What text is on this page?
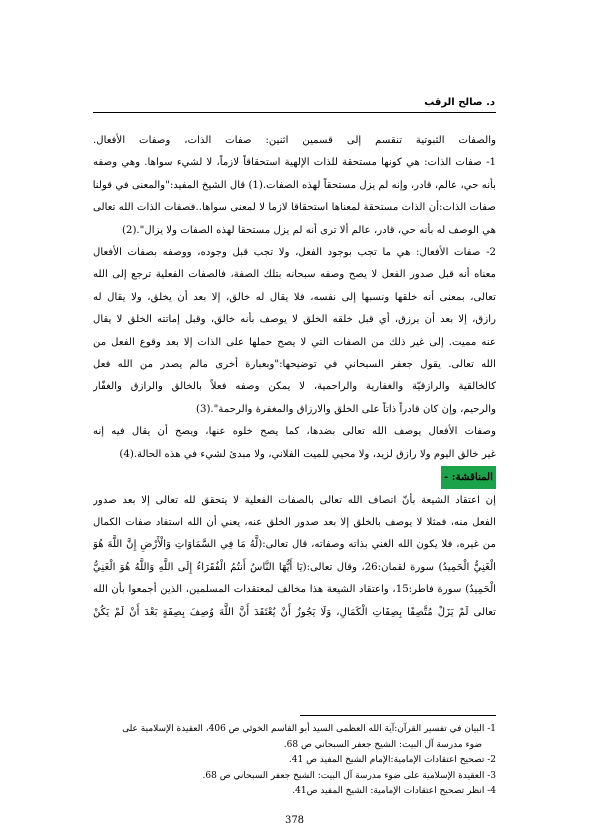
د. صالح الرقب
والصفات الثبوتية تنقسم إلى قسمين اثنين: صفات الذات، وصفات الأفعال.
1- صفات الذات: هي كونها مستحقة للذات الإلهية استحقاقاً لازماً، لا لشيء سواها. وهي وصفه
بأنه حي، عالم، قادر، وإنه لم يزل مستحقاً لهذه الصفات.(1) قال الشيخ المفيد:"والمعنى في قولنا
صفات الذات:أن الذات مستحقة لمعناها استحقاقا لازما لا لمعنى سواها..فصفات الذات الله تعالى
هي الوصف له بأنه حي، قادر، عالم ألا ترى أنه لم يزل مستحقا لهذه الصفات ولا يزال".(2)
2- صفات الأفعال: هي ما تجب بوجود الفعل، ولا تجب قبل وجوده، ووصفه بصفات الأفعال
معناه أنه قبل صدور الفعل لا يصح وصفه سبحانه بتلك الصفة، فالصفات الفعلية ترجع إلى الله
تعالى، بمعنى أنه خلقها ونسبها إلى نفسه، فلا يقال له خالق، إلا بعد أن يخلق، ولا يقال له
رازق، إلا بعد أن يرزق، أي قبل خلقه الخلق لا يوصف بأنه خالق، وقبل إماتته الخلق لا يقال
عنه مميت. إلى غير ذلك من الصفات التي لا يصح حملها على الذات إلا بعد وقوع الفعل من
الله تعالى. يقول جعفر السبحاني في توضيحها:"وبعبارة أخرى مالم يصدر من الله فعل
كالخالقية والرازقيّة والغفارية والراحمية، لا يمكن وصفه فعلاً بالخالق والرازق والغفّار
والرحيم، وإن كان قادراً ذاتاً على الخلق والارزاق والمغفرة والرحمة".(3)
وصفات الأفعال يوصف الله تعالى بضدها، كما يصح خلوه عنها، ويصح أن يقال فيه إنه
غير خالق اليوم ولا رازق لزيد، ولا محيي للميت الفلاني، ولا مبدئ لشيء في هذه الحالة.(4)
المناقشة: -
إن اعتقاد الشيعة بأنّ اتصاف الله تعالى بالصفات الفعلية لا يتحقق لله تعالى إلا بعد صدور
الفعل منه، فمثلا لا يوصف بالخلق إلا بعد صدور الخلق عنه، يعني أن الله استفاد صفات الكمال
من غيره، فلا يكون الله الغني بذاته وصفاته، قال تعالى:(لَّهُ مَا فِي السَّمَاوَاتِ وَالْأَرْضِ إِنَّ اللَّهَ هُوَ
الْغَنِيُّ الْحَمِيدُ) سورة لقمان:26، وقال تعالى:(يَا أَيُّهَا النَّاسُ أَنتُمُ الْفُقَرَاءُ إِلَى اللَّهِ وَاللَّهُ هُوَ الْغَنِيُّ
الْحَمِيدُ) سورة فاطر:15، واعتقاد الشيعة هذا مخالف لمعتقدات المسلمين، الذين أجمعوا بأن الله
تعالى لَمْ يَزَلْ مُتَّصِفًا بِصِفَاتِ الْكَمَالِ، وَلَا يَجُوزُ أَنْ يُعْتَقَدَ أَنَّ اللَّهَ وُصِفَ بِصِفَةٍ بَعْدَ أَنْ لَمْ يَكُنْ
1- البيان في تفسير القرآن:آية الله العظمى السيد أبو القاسم الخوئي ص 406، العقيدة الإسلامية على
ضوء مدرسة آل البيت: الشيخ جعفر السبحاني ص 68.
2- تصحيح اعتقادات الإمامية:الإمام الشيخ المفيد ص 41.
3- العقيدة الإسلامية على ضوء مدرسة آل البيت: الشيخ جعفر السبحاني ص 68.
4- انظر تصحيح اعتقادات الإمامية: الشيخ المفيد ص41.
378
